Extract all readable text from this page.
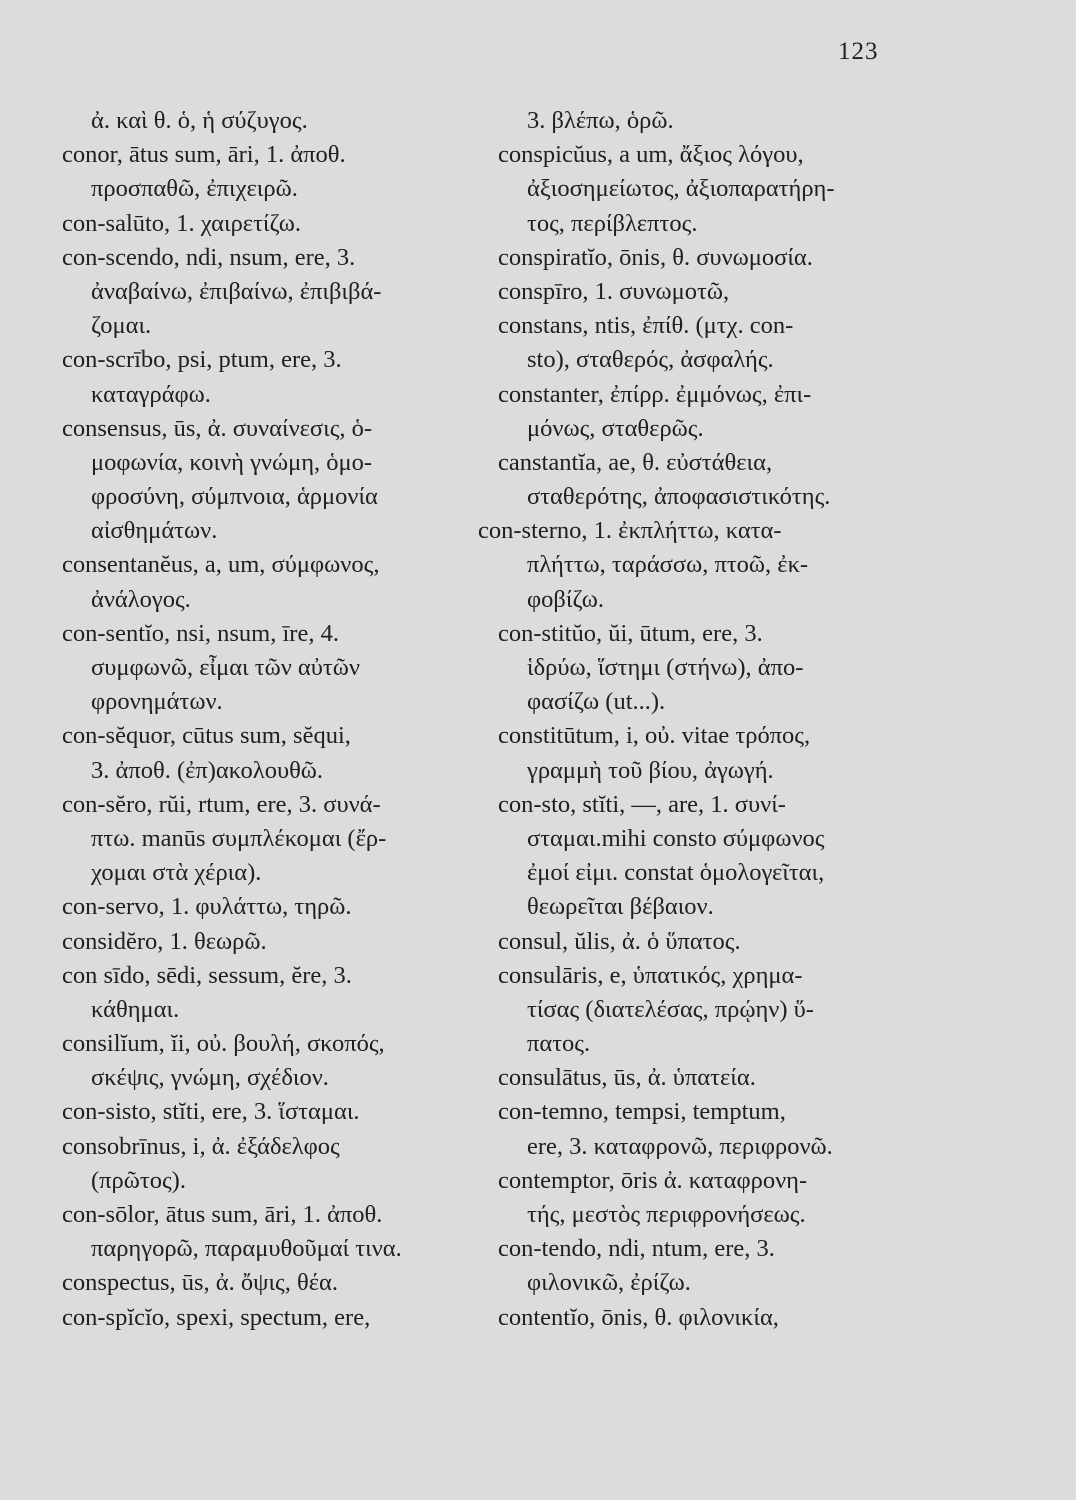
123
ἀ. καὶ θ. ὁ, ἡ σύζυγος.
conor, ātus sum, āri, 1. ἀποθ.
προσπαθῶ, ἐπιχειρῶ.
con-salūto, 1. χαιρετίζω.
con-scendo, ndi, nsum, ere, 3.
ἀναβαίνω, ἐπιβαίνω, ἐπιβιβά-
ζομαι.
con-scrībo, psi, ptum, ere, 3.
καταγράφω.
consensus, ūs, ἀ. συναίνεσις, ὁ-
μοφωνία, κοινὴ γνώμη, ὁμο-
φροσύνη, σύμπνοια, ἁρμονία
αἰσθημάτων.
consentanĕus, a, um, σύμφωνος,
ἀνάλογος.
con-sentĭo, nsi, nsum, īre, 4.
συμφωνῶ, εἶμαι τῶν αὐτῶν
φρονημάτων.
con-sĕquor, cūtus sum, sĕqui,
3. ἀποθ. (ἐπ)ακολουθῶ.
con-sĕro, rŭi, rtum, ere, 3. συνά-
πτω. manūs συμπλέκομαι (ἔρ-
χομαι στὰ χέρια).
con-servo, 1. φυλάττω, τηρῶ.
considĕro, 1. θεωρῶ.
con sīdo, sēdi, sessum, ĕre, 3.
κάθημαι.
consilĭum, ĭi, οὐ. βουλή, σκοπός,
σκέψις, γνώμη, σχέδιον.
con-sisto, stĭti, ere, 3. ἵσταμαι.
consobrīnus, i, ἀ. ἐξάδελφος
(πρῶτος).
con-sōlor, ātus sum, āri, 1. ἀποθ.
παρηγορῶ, παραμυθοῦμαί τινα.
conspectus, ūs, ἀ. ὄψις, θέα.
con-spĭcĭo, spexi, spectum, ere,
3. βλέπω, ὁρῶ.
conspicŭus, a um, ἄξιος λόγου,
ἀξιοσημείωτος, ἀξιοπαρατήρη-
τος, περίβλεπτος.
conspiratĭo, ōnis, θ. συνωμοσία.
conspīro, 1. συνωμοτῶ,
constans, ntis, ἐπίθ. (μτχ. con-
sto), σταθερός, ἀσφαλής.
constanter, ἐπίρρ. ἐμμόνως, ἐπι-
μόνως, σταθερῶς.
canstantĭa, ae, θ. εὐστάθεια,
σταθερότης, ἀποφασιστικότης.
con-sterno, 1. ἐκπλήττω, κατα-
πλήττω, ταράσσω, πτοῶ, ἐκ-
φοβίζω.
con-stitŭo, ŭi, ūtum, ere, 3.
ἱδρύω, ἵστημι (στήνω), ἀπο-
φασίζω (ut...).
constitūtum, i, οὐ. vitae τρόπος,
γραμμὴ τοῦ βίου, ἀγωγή.
con-sto, stĭti, —, are, 1. συνί-
σταμαι.mihi consto σύμφωνος
ἐμοί εἰμι. constat ὁμολογεῖται,
θεωρεῖται βέβαιον.
consul, ŭlis, ἀ. ὁ ὕπατος.
consulāris, e, ὑπατικός, χρημα-
τίσας (διατελέσας, πρῴην) ὕ-
πατος.
consulātus, ūs, ἀ. ὑπατεία.
con-temno, tempsi, temptum,
ere, 3. καταφρονῶ, περιφρονῶ.
contemptor, ōris ἀ. καταφρονη-
τής, μεστὸς περιφρονήσεως.
con-tendo, ndi, ntum, ere, 3.
φιλονικῶ, ἐρίζω.
contentĭo, ōnis, θ. φιλονικία,
